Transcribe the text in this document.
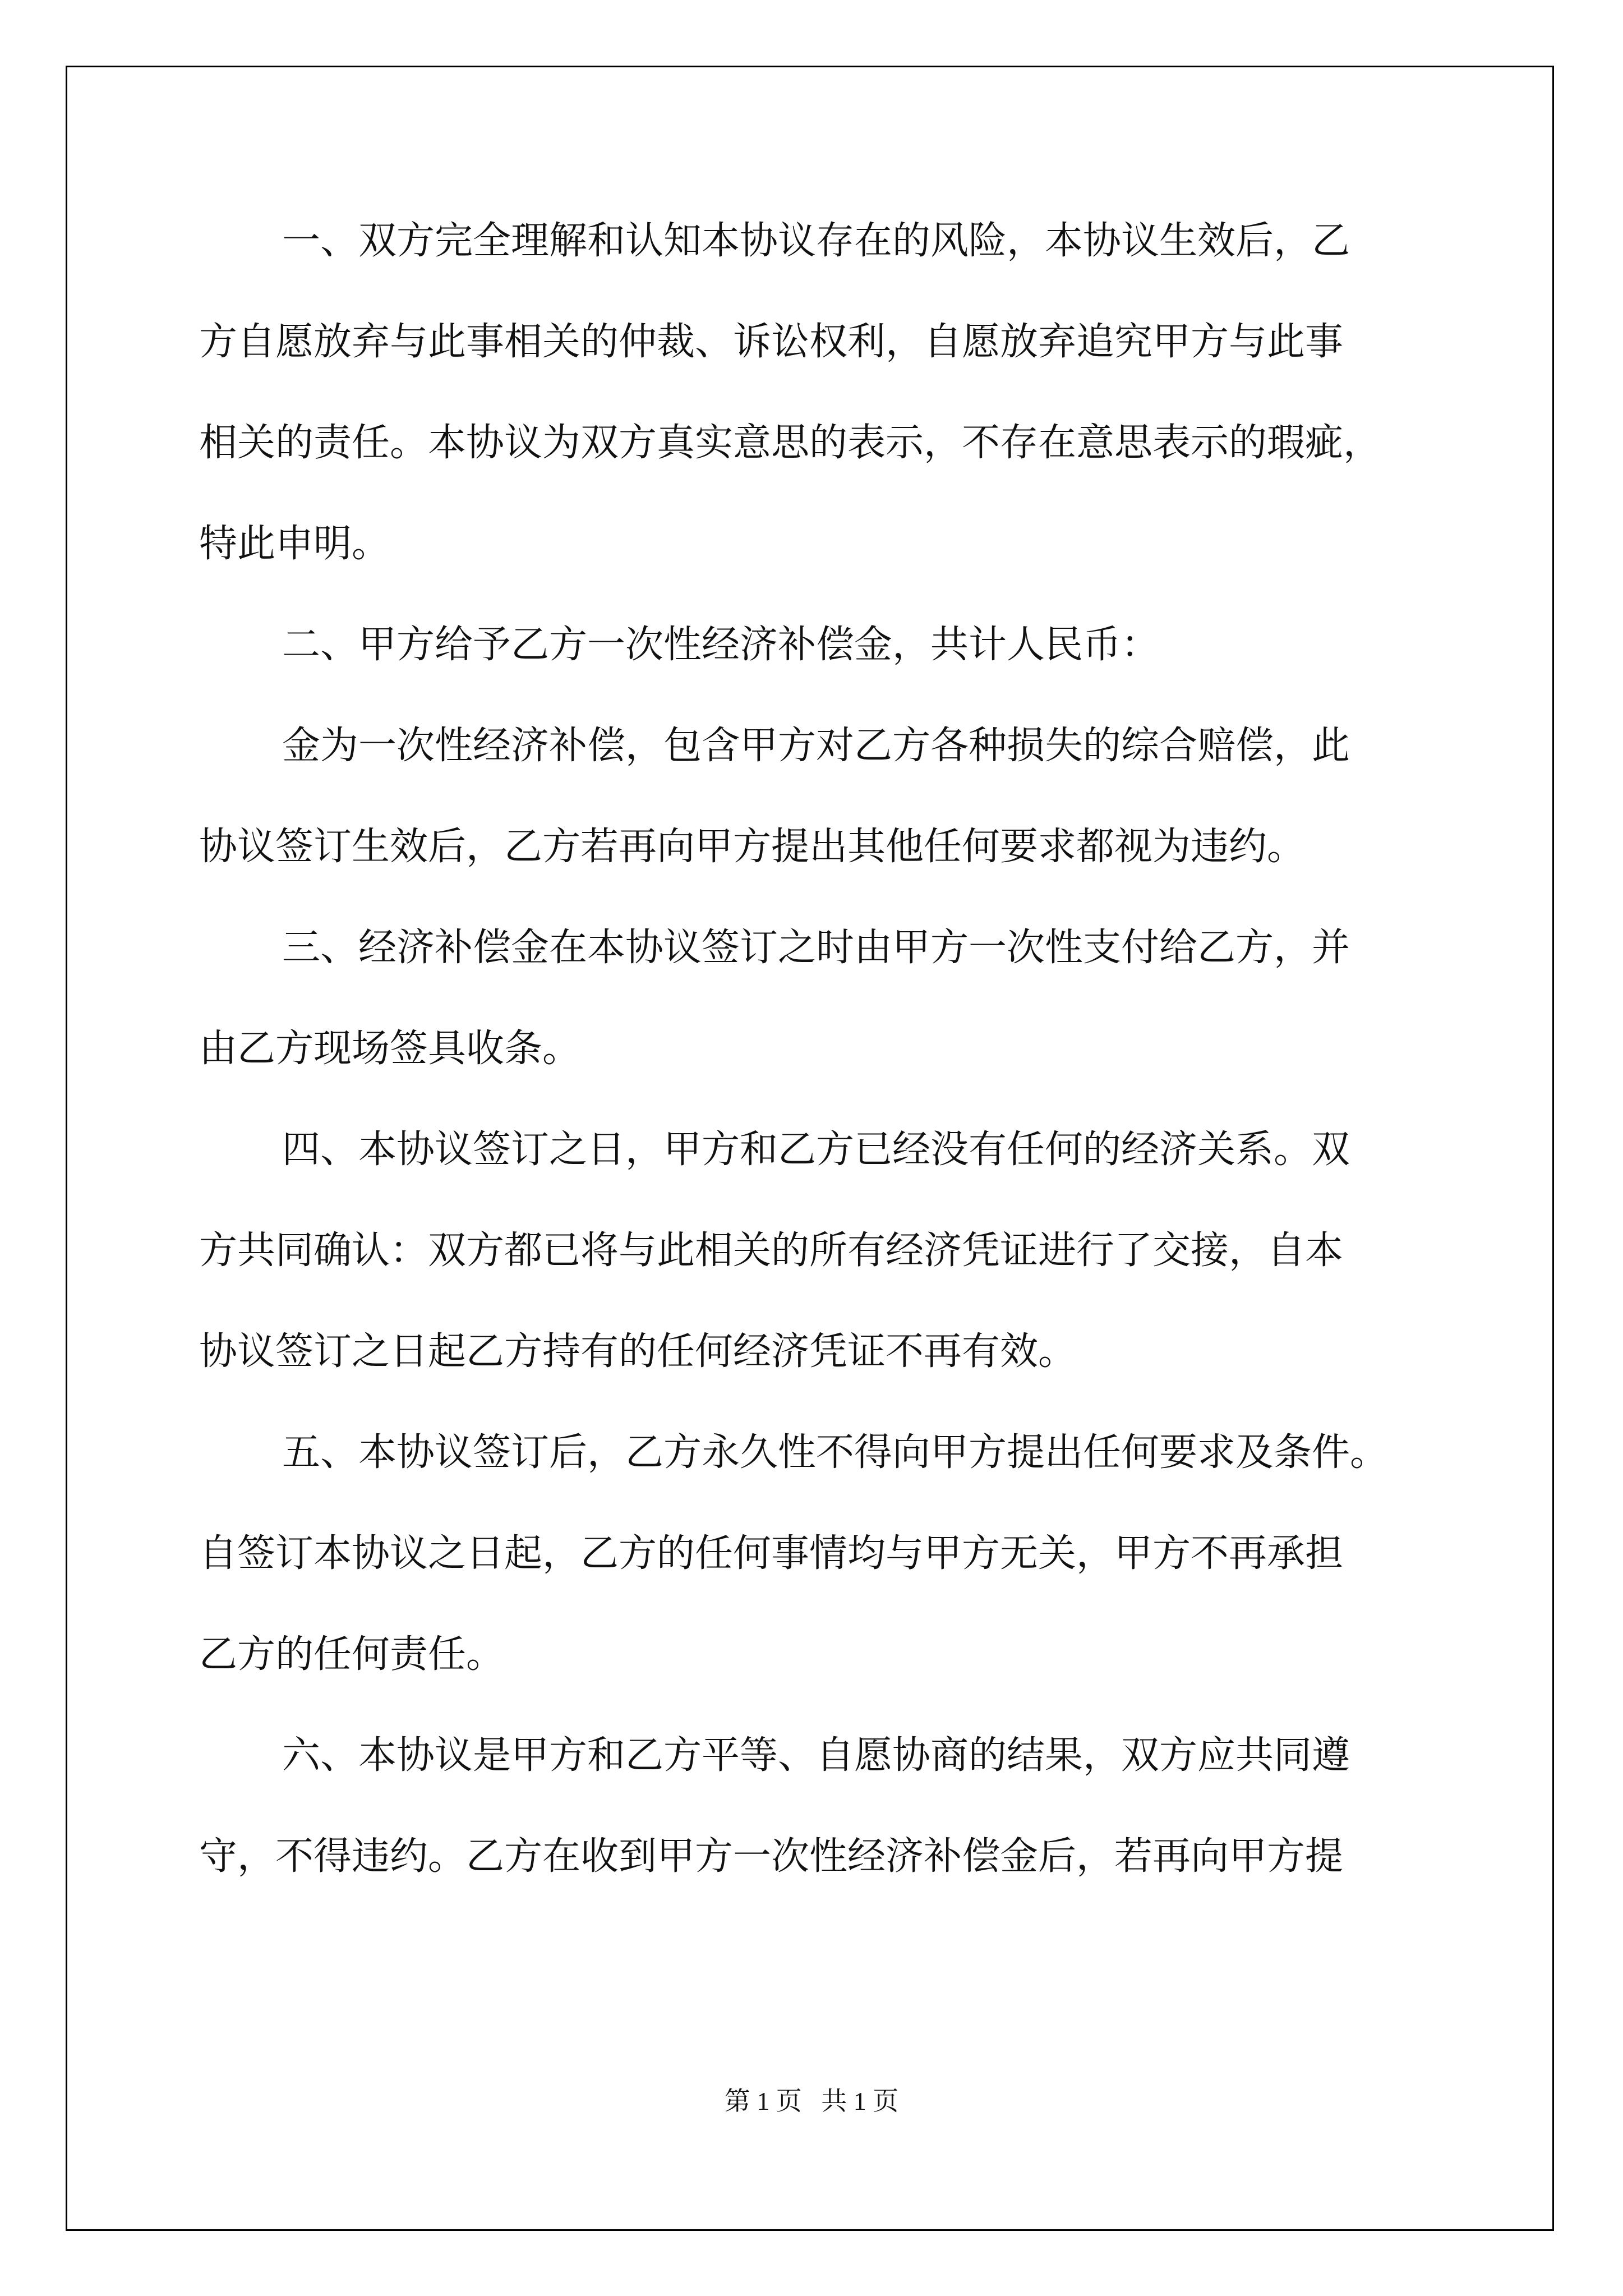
一、双方完全理解和认知本协议存在的风险，本协议生效后，乙
方自愿放弃与此事相关的仲裁、诉讼权利，自愿放弃追究甲方与此事
相关的责任。本协议为双方真实意思的表示，不存在意思表示的瑕疵，
特此申明。
二、甲方给予乙方一次性经济补偿金，共计人民币：
金为一次性经济补偿，包含甲方对乙方各种损失的综合赔偿，此
协议签订生效后，乙方若再向甲方提出其他任何要求都视为违约。
三、经济补偿金在本协议签订之时由甲方一次性支付给乙方，并
由乙方现场签具收条。
四、本协议签订之日，甲方和乙方已经没有任何的经济关系。双
方共同确认：双方都已将与此相关的所有经济凭证进行了交接，自本
协议签订之日起乙方持有的任何经济凭证不再有效。
五、本协议签订后，乙方永久性不得向甲方提出任何要求及条件。
自签订本协议之日起，乙方的任何事情均与甲方无关，甲方不再承担
乙方的任何责任。
六、本协议是甲方和乙方平等、自愿协商的结果，双方应共同遵
守，不得违约。乙方在收到甲方一次性经济补偿金后，若再向甲方提
第 1 页   共 1 页
